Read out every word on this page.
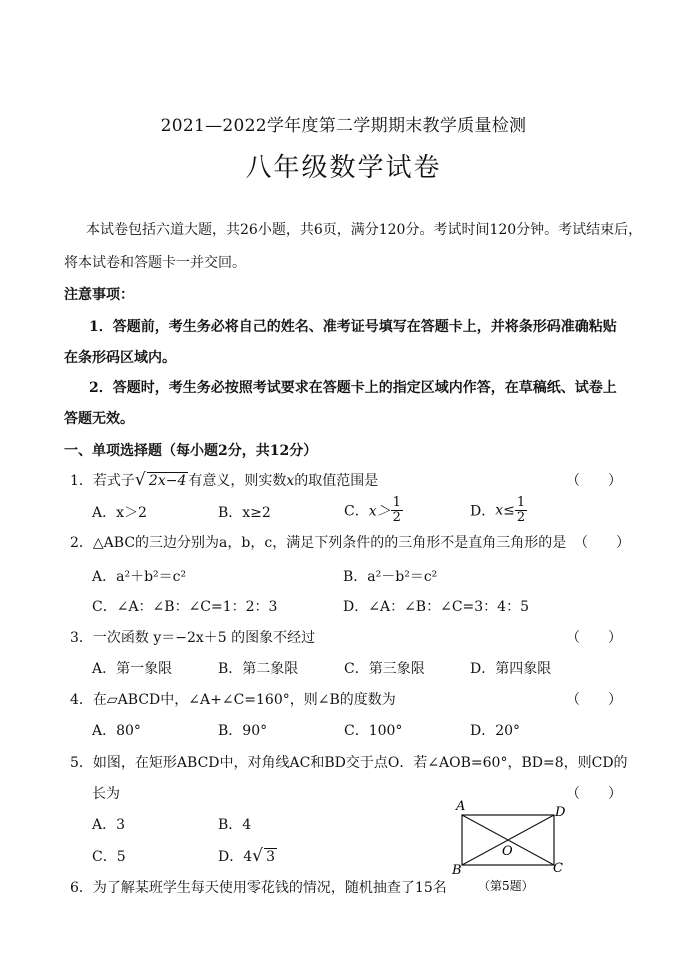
2021—2022学年度第二学期期末教学质量检测
八年级数学试卷
本试卷包括六道大题，共26小题，共6页，满分120分。考试时间120分钟。考试结束后，
将本试卷和答题卡一并交回。
注意事项：
1．答题前，考生务必将自己的姓名、准考证号填写在答题卡上，并将条形码准确粘贴
在条形码区域内。
2．答题时，考生务必按照考试要求在答题卡上的指定区域内作答，在草稿纸、试卷上
答题无效。
一、单项选择题（每小题2分，共12分）
1．若式子 √ 2x−4 有意义，则实数x的取值范围是	（　　）
A．x＞2	B．x≥2	C．$x> \frac{1}{2}$	D．$x\le \frac{1}{2}$
2．△ABC的三边分别为a，b，c，满足下列条件的的三角形不是直角三角形的是 （　　）
A．a²＋b²＝c²	B．a²－b²＝c²
C．∠A：∠B：∠C=1：2：3	D．∠A：∠B：∠C=3：4：5
3．一次函数 y＝−2x＋5 的图象不经过	（　　）
A．第一象限	B．第二象限	C．第三象限	D．第四象限
4．在▱ABCD中，∠A+∠C=160°，则∠B的度数为	（　　）
A．80°	B．90°	C．100°	D．20°
5．如图，在矩形ABCD中，对角线AC和BD交于点O．若∠AOB=60°，BD=8，则CD的
长为	（　　）
A．3	B．4
C．5	D．4 √ 3
A	D
B	C
O
（第5题）
6．为了解某班学生每天使用零花钱的情况，随机抽查了15名
